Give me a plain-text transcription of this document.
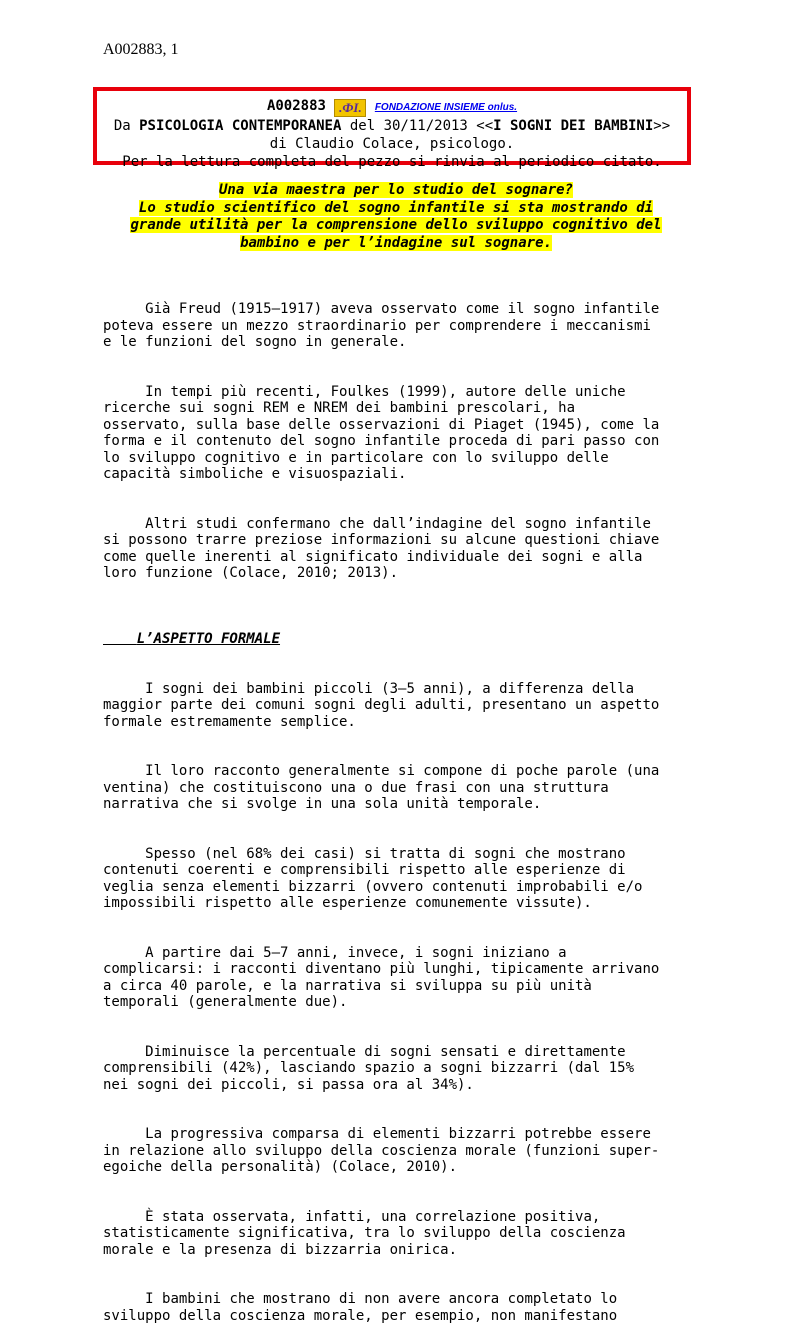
A002883, 1
A002883 .ФI. FONDAZIONE INSIEME onlus.
Da PSICOLOGIA CONTEMPORANEA del 30/11/2013 <<I SOGNI DEI BAMBINI>>
di Claudio Colace, psicologo.
Per la lettura completa del pezzo si rinvia al periodico citato.
Una via maestra per lo studio del sognare?
Lo studio scientifico del sogno infantile si sta mostrando di
grande utilità per la comprensione dello sviluppo cognitivo del
bambino e per l’indagine sul sognare.

Già Freud (1915–1917) aveva osservato come il sogno infantile
poteva essere un mezzo straordinario per comprendere i meccanismi
e le funzioni del sogno in generale.

In tempi più recenti, Foulkes (1999), autore delle uniche
ricerche sui sogni REM e NREM dei bambini prescolari, ha
osservato, sulla base delle osservazioni di Piaget (1945), come la
forma e il contenuto del sogno infantile proceda di pari passo con
lo sviluppo cognitivo e in particolare con lo sviluppo delle
capacità simboliche e visuospaziali.

Altri studi confermano che dall’indagine del sogno infantile
si possono trarre preziose informazioni su alcune questioni chiave
come quelle inerenti al significato individuale dei sogni e alla
loro funzione (Colace, 2010; 2013).

L’ASPETTO FORMALE

I sogni dei bambini piccoli (3–5 anni), a differenza della
maggior parte dei comuni sogni degli adulti, presentano un aspetto
formale estremamente semplice.

Il loro racconto generalmente si compone di poche parole (una
ventina) che costituiscono una o due frasi con una struttura
narrativa che si svolge in una sola unità temporale.

Spesso (nel 68% dei casi) si tratta di sogni che mostrano
contenuti coerenti e comprensibili rispetto alle esperienze di
veglia senza elementi bizzarri (ovvero contenuti improbabili e/o
impossibili rispetto alle esperienze comunemente vissute).

A partire dai 5–7 anni, invece, i sogni iniziano a
complicarsi: i racconti diventano più lunghi, tipicamente arrivano
a circa 40 parole, e la narrativa si sviluppa su più unità
temporali (generalmente due).

Diminuisce la percentuale di sogni sensati e direttamente
comprensibili (42%), lasciando spazio a sogni bizzarri (dal 15%
nei sogni dei piccoli, si passa ora al 34%).

La progressiva comparsa di elementi bizzarri potrebbe essere
in relazione allo sviluppo della coscienza morale (funzioni super-
egoiche della personalità) (Colace, 2010).

È stata osservata, infatti, una correlazione positiva,
statisticamente significativa, tra lo sviluppo della coscienza
morale e la presenza di bizzarria onirica.

I bambini che mostrano di non avere ancora completato lo
sviluppo della coscienza morale, per esempio, non manifestano
